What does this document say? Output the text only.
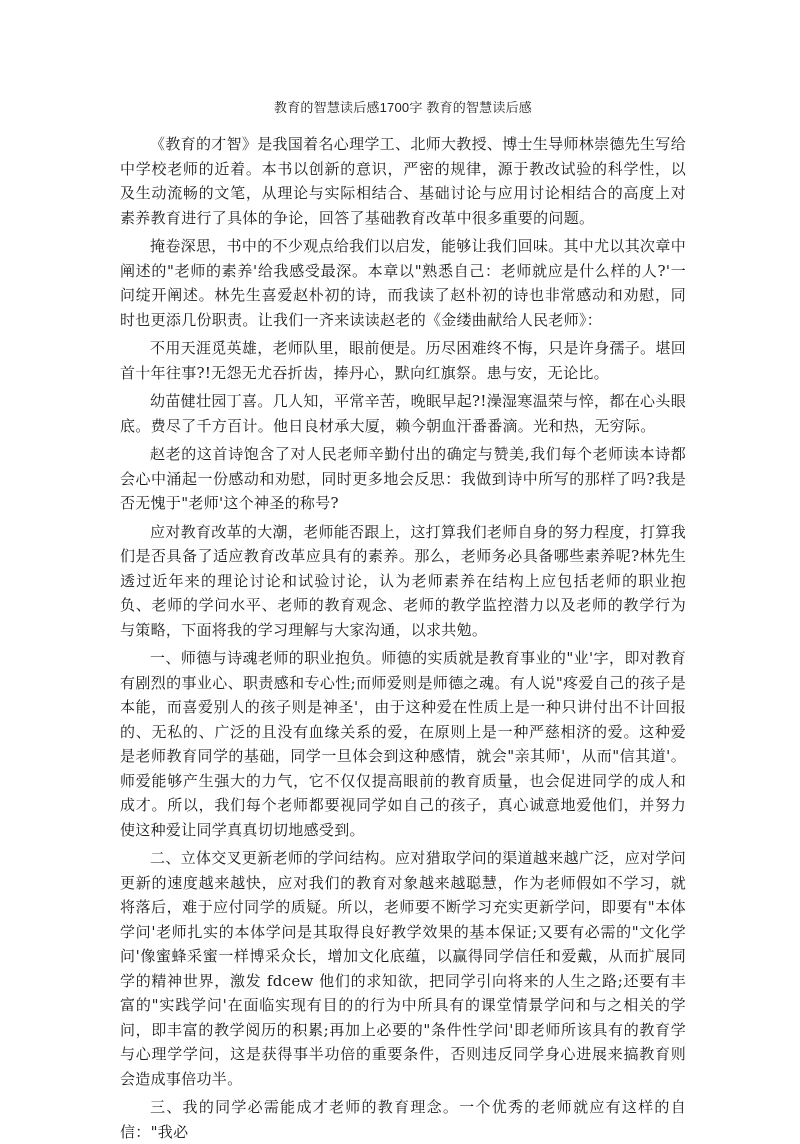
教育的智慧读后感1700字 教育的智慧读后感

《教育的才智》是我国着名心理学工、北师大教授、博士生导师林崇德先生写给中学校老师的近着。本书以创新的意识，严密的规律，源于教改试验的科学性，以及生动流畅的文笔，从理论与实际相结合、基础讨论与应用讨论相结合的高度上对素养教育进行了具体的争论，回答了基础教育改革中很多重要的问题。

掩卷深思，书中的不少观点给我们以启发，能够让我们回味。其中尤以其次章中阐述的"老师的素养'给我感受最深。本章以"熟悉自己：老师就应是什么样的人?'一问绽开阐述。林先生喜爱赵朴初的诗，而我读了赵朴初的诗也非常感动和劝慰，同时也更添几份职责。让我们一齐来读读赵老的《金缕曲献给人民老师》：

不用天涯觅英雄，老师队里，眼前便是。历尽困难终不悔，只是许身孺子。堪回首十年往事?!无怨无尤吞折齿，捧丹心，默向红旗祭。患与安，无论比。

幼苗健壮园丁喜。几人知，平常辛苦，晚眠早起?!澡湿寒温荣与悴，都在心头眼底。费尽了千方百计。他日良材承大厦，赖今朝血汗番番滴。光和热，无穷际。

赵老的这首诗饱含了对人民老师辛勤付出的确定与赞美,我们每个老师读本诗都会心中涌起一份感动和劝慰，同时更多地会反思：我做到诗中所写的那样了吗?我是否无愧于"老师'这个神圣的称号?

应对教育改革的大潮，老师能否跟上，这打算我们老师自身的努力程度，打算我们是否具备了适应教育改革应具有的素养。那么，老师务必具备哪些素养呢?林先生透过近年来的理论讨论和试验讨论，认为老师素养在结构上应包括老师的职业抱负、老师的学问水平、老师的教育观念、老师的教学监控潜力以及老师的教学行为与策略，下面将我的学习理解与大家沟通，以求共勉。

一、师德与诗魂老师的职业抱负。师德的实质就是教育事业的"业'字，即对教育有剧烈的事业心、职责感和专心性;而师爱则是师德之魂。有人说"疼爱自己的孩子是本能，而喜爱别人的孩子则是神圣'，由于这种爱在性质上是一种只讲付出不计回报的、无私的、广泛的且没有血缘关系的爱，在原则上是一种严慈相济的爱。这种爱是老师教育同学的基础，同学一旦体会到这种感情，就会"亲其师'，从而"信其道'。师爱能够产生强大的力气，它不仅仅提高眼前的教育质量，也会促进同学的成人和成才。所以，我们每个老师都要视同学如自己的孩子，真心诚意地爱他们，并努力使这种爱让同学真真切切地感受到。

二、立体交叉更新老师的学问结构。应对猎取学问的渠道越来越广泛，应对学问更新的速度越来越快，应对我们的教育对象越来越聪慧，作为老师假如不学习，就将落后，难于应付同学的质疑。所以，老师要不断学习充实更新学问，即要有"本体学问'老师扎实的本体学问是其取得良好教学效果的基本保证;又要有必需的"文化学问'像蜜蜂采蜜一样博采众长，增加文化底蕴，以赢得同学信任和爱戴，从而扩展同学的精神世界，激发 fdcew 他们的求知欲，把同学引向将来的人生之路;还要有丰富的"实践学问'在面临实现有目的的行为中所具有的课堂情景学问和与之相关的学问，即丰富的教学阅历的积累;再加上必要的"条件性学问'即老师所该具有的教育学与心理学学问，这是获得事半功倍的重要条件，否则违反同学身心进展来搞教育则会造成事倍功半。

三、我的同学必需能成才老师的教育理念。一个优秀的老师就应有这样的自信："我必
